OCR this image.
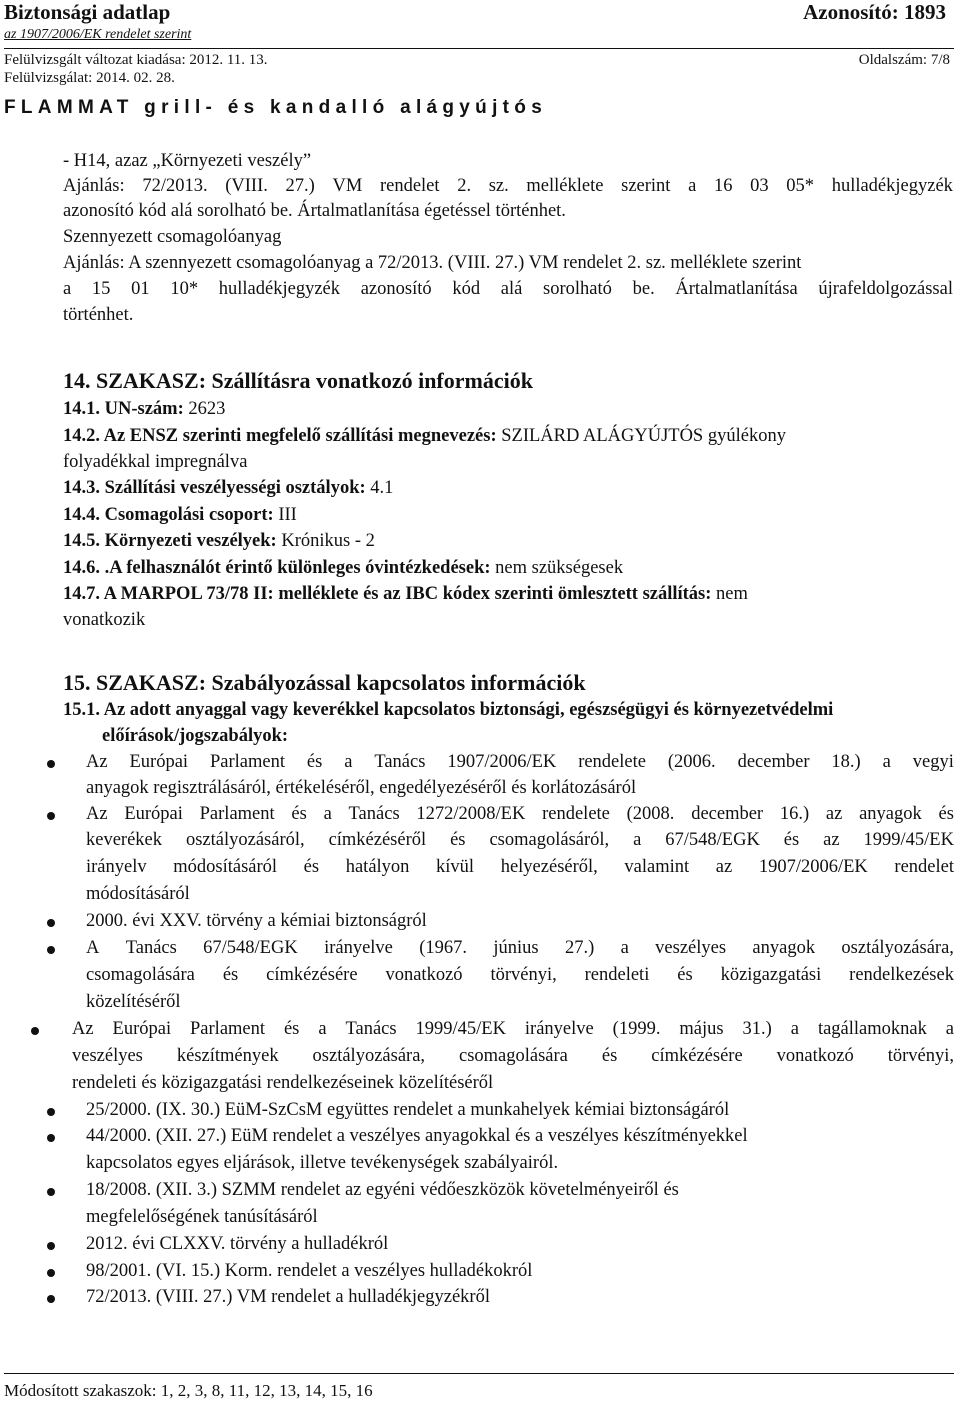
Biztonsági adatlap	Azonosító: 1893
az 1907/2006/EK rendelet szerint
Felülvizsgált változat kiadása: 2012. 11. 13.	Oldalszám: 7/8
Felülvizsgálat: 2014. 02. 28.
FLAMMAT grill- és kandalló alágyújtós
- H14, azaz „Környezeti veszély”
Ajánlás: 72/2013. (VIII. 27.) VM rendelet 2. sz. melléklete szerint a 16 03 05* hulladékjegyzék
azonosító kód alá sorolható be. Ártalmatlanítása égetéssel történhet.
Szennyezett csomagolóanyag
Ajánlás: A szennyezett csomagolóanyag a 72/2013. (VIII. 27.) VM rendelet 2. sz. melléklete szerint
a 15 01 10* hulladékjegyzék azonosító kód alá sorolható be. Ártalmatlanítása újrafeldolgozással
történhet.
14. SZAKASZ: Szállításra vonatkozó információk
14.1. UN-szám: 2623
14.2. Az ENSZ szerinti megfelelő szállítási megnevezés: SZILÁRD ALÁGYÚJTÓS gyúlékony
folyadékkal impregnálva
14.3. Szállítási veszélyességi osztályok: 4.1
14.4. Csomagolási csoport: III
14.5. Környezeti veszélyek: Krónikus - 2
14.6. .A felhasználót érintő különleges óvintézkedések: nem szükségesek
14.7. A MARPOL 73/78 II: melléklete és az IBC kódex szerinti ömlesztett szállítás: nem
vonatkozik
15. SZAKASZ: Szabályozással kapcsolatos információk
15.1. Az adott anyaggal vagy keverékkel kapcsolatos biztonsági, egészségügyi és környezetvédelmi
előírások/jogszabályok:
Az Európai Parlament és a Tanács 1907/2006/EK rendelete (2006. december 18.) a vegyi
anyagok regisztrálásáról, értékeléséről, engedélyezéséről és korlátozásáról
Az Európai Parlament és a Tanács 1272/2008/EK rendelete (2008. december 16.) az anyagok és
keverékek osztályozásáról, címkézéséről és csomagolásáról, a 67/548/EGK és az 1999/45/EK
irányelv módosításáról és hatályon kívül helyezéséről, valamint az 1907/2006/EK rendelet
módosításáról
2000. évi XXV. törvény a kémiai biztonságról
A Tanács 67/548/EGK irányelve (1967. június 27.) a veszélyes anyagok osztályozására,
csomagolására és címkézésére vonatkozó törvényi, rendeleti és közigazgatási rendelkezések
közelítéséről
Az Európai Parlament és a Tanács 1999/45/EK irányelve (1999. május 31.) a tagállamoknak a
veszélyes készítmények osztályozására, csomagolására és címkézésére vonatkozó törvényi,
rendeleti és közigazgatási rendelkezéseinek közelítéséről
25/2000. (IX. 30.) EüM-SzCsM együttes rendelet a munkahelyek kémiai biztonságáról
44/2000. (XII. 27.) EüM rendelet a veszélyes anyagokkal és a veszélyes készítményekkel
kapcsolatos egyes eljárások, illetve tevékenységek szabályairól.
18/2008. (XII. 3.) SZMM rendelet az egyéni védőeszközök követelményeiről és
megfelelőségének tanúsításáról
2012. évi CLXXV. törvény a hulladékról
98/2001. (VI. 15.) Korm. rendelet a veszélyes hulladékokról
72/2013. (VIII. 27.) VM rendelet a hulladékjegyzékről
Módosított szakaszok: 1, 2, 3, 8, 11, 12, 13, 14, 15, 16
